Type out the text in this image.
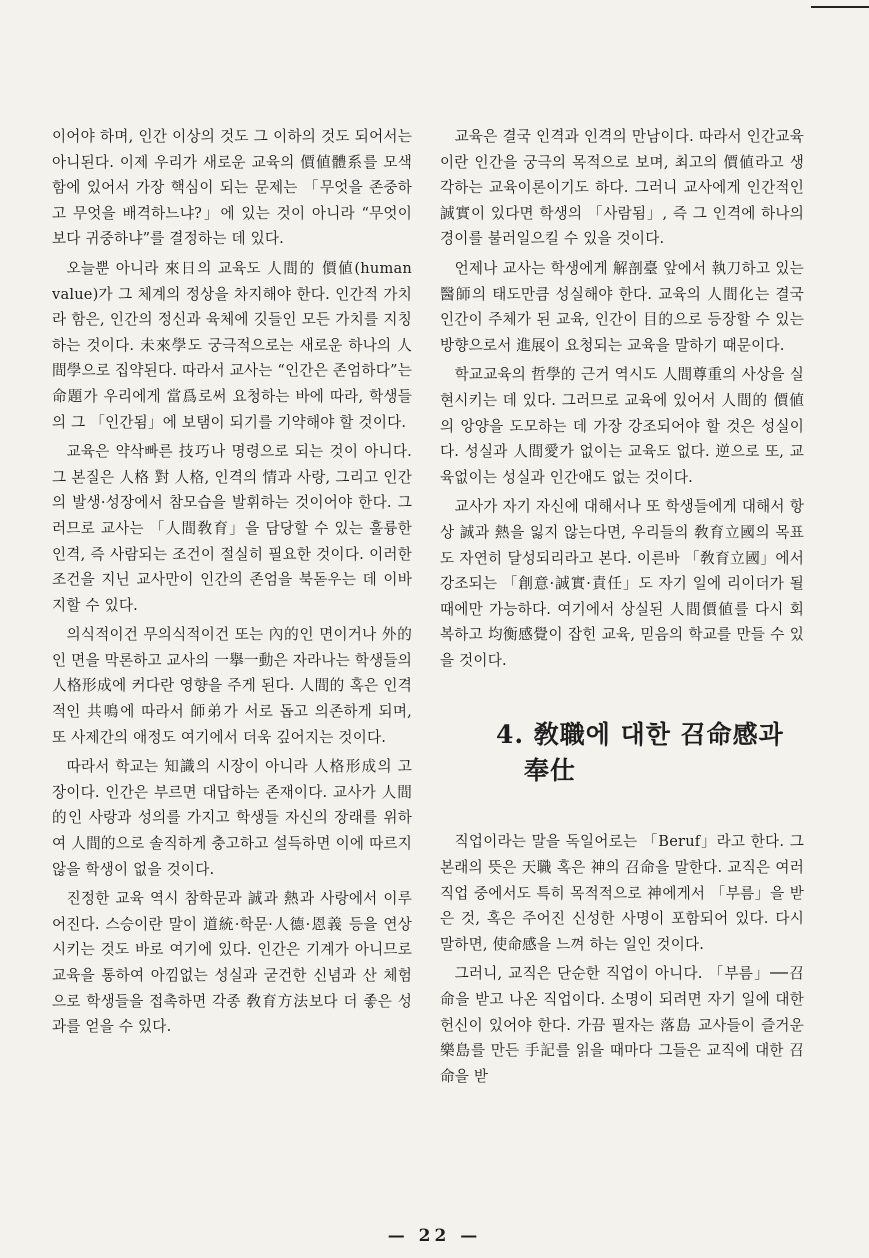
이어야 하며, 인간 이상의 것도 그 이하의 것도 되어서는 아니된다. 이제 우리가 새로운 교육의 價値體系를 모색함에 있어서 가장 핵심이 되는 문제는 「무엇을 존중하고 무엇을 배격하느냐?」에 있는 것이 아니라 “무엇이 보다 귀중하냐”를 결정하는 데 있다.

오늘뿐 아니라 來日의 교육도 人間的 價値(human value)가 그 체계의 정상을 차지해야 한다. 인간적 가치라 함은, 인간의 정신과 육체에 깃들인 모든 가치를 지칭하는 것이다. 未來學도 궁극적으로는 새로운 하나의 人間學으로 집약된다. 따라서 교사는 “인간은 존엄하다”는 命題가 우리에게 當爲로써 요청하는 바에 따라, 학생들의 그 「인간됨」에 보탬이 되기를 기약해야 할 것이다.

교육은 약삭빠른 技巧나 명령으로 되는 것이 아니다. 그 본질은 人格 對 人格, 인격의 情과 사랑, 그리고 인간의 발생·성장에서 참모습을 발휘하는 것이어야 한다. 그러므로 교사는 「人間敎育」을 담당할 수 있는 훌륭한 인격, 즉 사람되는 조건이 절실히 필요한 것이다. 이러한 조건을 지닌 교사만이 인간의 존엄을 북돋우는 데 이바지할 수 있다.

의식적이건 무의식적이건 또는 內的인 면이거나 外的인 면을 막론하고 교사의 一擧一動은 자라나는 학생들의 人格形成에 커다란 영향을 주게 된다. 人間的 혹은 인격적인 共鳴에 따라서 師弟가 서로 돕고 의존하게 되며, 또 사제간의 애정도 여기에서 더욱 깊어지는 것이다.

따라서 학교는 知識의 시장이 아니라 人格形成의 고장이다. 인간은 부르면 대답하는 존재이다. 교사가 人間的인 사랑과 성의를 가지고 학생들 자신의 장래를 위하여 人間的으로 솔직하게 충고하고 설득하면 이에 따르지 않을 학생이 없을 것이다.

진정한 교육 역시 참학문과 誠과 熱과 사랑에서 이루어진다. 스승이란 말이 道統·학문·人德·恩義 등을 연상시키는 것도 바로 여기에 있다. 인간은 기계가 아니므로 교육을 통하여 아낌없는 성실과 굳건한 신념과 산 체험으로 학생들을 접촉하면 각종 敎育方法보다 더 좋은 성과를 얻을 수 있다.

교육은 결국 인격과 인격의 만남이다. 따라서 인간교육이란 인간을 궁극의 목적으로 보며, 최고의 價値라고 생각하는 교육이론이기도 하다. 그러니 교사에게 인간적인 誠實이 있다면 학생의 「사람됨」, 즉 그 인격에 하나의 경이를 불러일으킬 수 있을 것이다.

언제나 교사는 학생에게 解剖臺 앞에서 執刀하고 있는 醫師의 태도만큼 성실해야 한다. 교육의 人間化는 결국 인간이 주체가 된 교육, 인간이 目的으로 등장할 수 있는 방향으로서 進展이 요청되는 교육을 말하기 때문이다.

학교교육의 哲學的 근거 역시도 人間尊重의 사상을 실현시키는 데 있다. 그러므로 교육에 있어서 人間的 價値의 앙양을 도모하는 데 가장 강조되어야 할 것은 성실이다. 성실과 人間愛가 없이는 교육도 없다. 逆으로 또, 교육없이는 성실과 인간애도 없는 것이다.

교사가 자기 자신에 대해서나 또 학생들에게 대해서 항상 誠과 熱을 잃지 않는다면, 우리들의 敎育立國의 목표도 자연히 달성되리라고 본다. 이른바 「敎育立國」에서 강조되는 「創意·誠實·責任」도 자기 일에 리이더가 될 때에만 가능하다. 여기에서 상실된 人間價値를 다시 회복하고 均衡感覺이 잡힌 교육, 믿음의 학교를 만들 수 있을 것이다.

4. 敎職에 대한 召命感과
奉仕

직업이라는 말을 독일어로는 「Beruf」라고 한다. 그 본래의 뜻은 天職 혹은 神의 召命을 말한다. 교직은 여러 직업 중에서도 특히 목적적으로 神에게서 「부름」을 받은 것, 혹은 주어진 신성한 사명이 포함되어 있다. 다시 말하면, 使命感을 느껴 하는 일인 것이다.

그러니, 교직은 단순한 직업이 아니다. 「부름」──召命을 받고 나온 직업이다. 소명이 되려면 자기 일에 대한 헌신이 있어야 한다. 가끔 필자는 落島 교사들이 즐거운 樂島를 만든 手記를 읽을 때마다 그들은 교직에 대한 召命을 받

— 22 —
